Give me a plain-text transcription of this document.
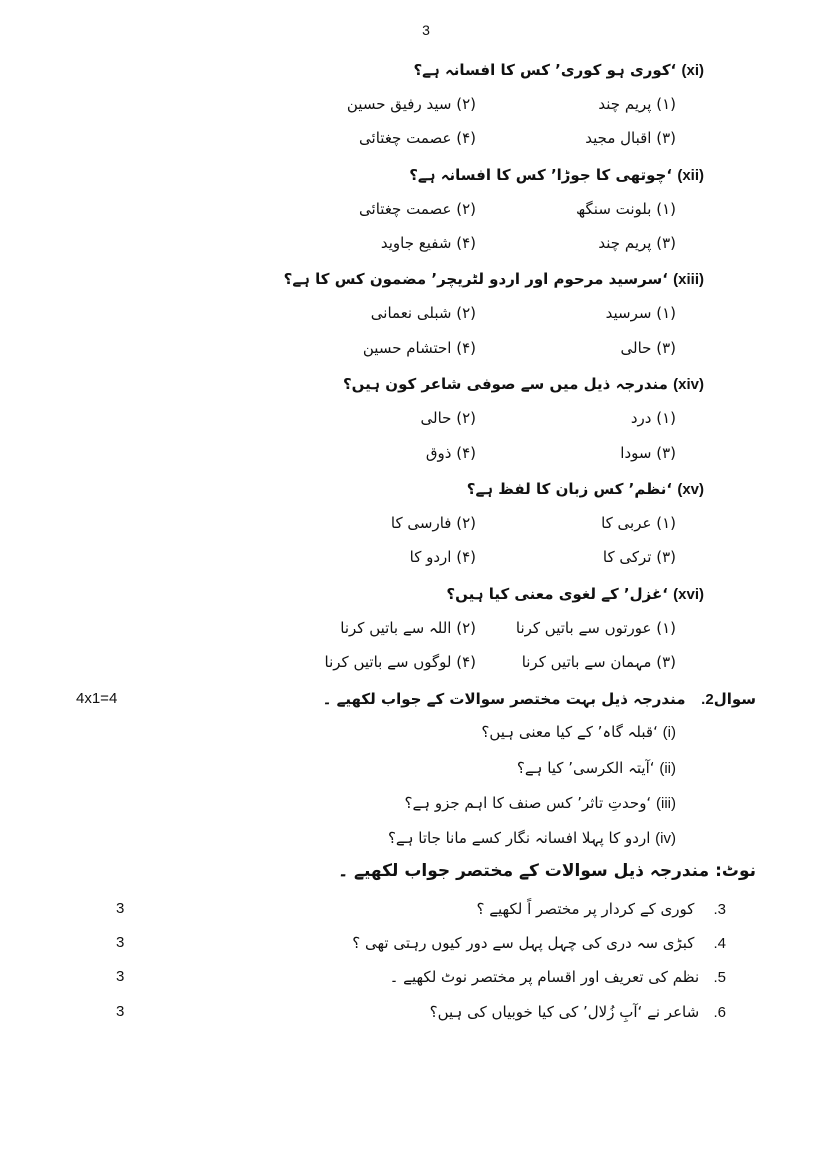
3
(xi) ‘کوری ہو کوری’ کس کا افسانہ ہے؟
(۱) پریم چند
(۲) سید رفیق حسین
(۳) اقبال مجید
(۴) عصمت چغتائی
(xii) ‘چوتھی کا جوڑا’ کس کا افسانہ ہے؟
(۱) بلونت سنگھ
(۲) عصمت چغتائی
(۳) پریم چند
(۴) شفیع جاوید
(xiii) ‘سرسید مرحوم اور اردو لٹریچر’ مضمون کس کا ہے؟
(۱) سرسید
(۲) شبلی نعمانی
(۳) حالی
(۴) احتشام حسین
(xiv) مندرجہ ذیل میں سے صوفی شاعر کون ہیں؟
(۱) درد
(۲) حالی
(۳) سودا
(۴) ذوق
(xv) ‘نظم’ کس زبان کا لفظ ہے؟
(۱) عربی کا
(۲) فارسی کا
(۳) ترکی کا
(۴) اردو کا
(xvi) ‘غزل’ کے لغوی معنی کیا ہیں؟
(۱) عورتوں سے باتیں کرنا
(۲) اللہ سے باتیں کرنا
(۳) مہمان سے باتیں کرنا
(۴) لوگوں سے باتیں کرنا
4x1=4	سوال2.   مندرجہ ذیل بہت مختصر سوالات کے جواب لکھیے ۔
(i) ‘قبلہ گاہ’ کے کیا معنی ہیں؟
(ii) ‘آیتہ الکرسی’ کیا ہے؟
(iii) ‘وحدتِ تاثر’ کس صنف کا اہم جزو ہے؟
(iv) اردو کا پہلا افسانہ نگار کسے مانا جاتا ہے؟
نوٹ: مندرجہ ذیل سوالات کے مختصر جواب لکھیے ۔
3	3.    کوری کے کردار پر مختصر اً لکھیے ؟
3	4.    کبڑی سہ دری کی چہل پہل سے دور کیوں رہتی تھی ؟
3	5.   نظم کی تعریف اور اقسام پر مختصر نوٹ لکھیے ۔
3	6.   شاعر نے ‘آبِ زُلال’ کی کیا خوبیاں کی ہیں؟
